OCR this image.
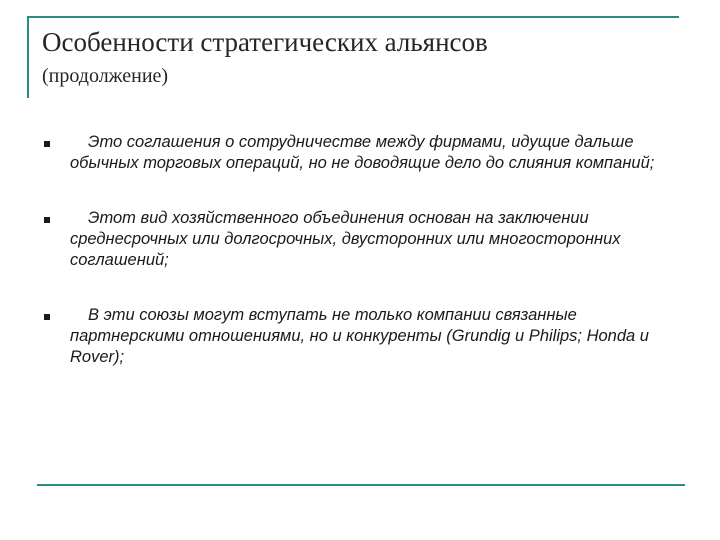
Особенности стратегических альянсов
(продолжение)
Это соглашения о сотрудничестве между фирмами, идущие дальше обычных торговых операций, но не доводящие дело до слияния компаний;
Этот вид хозяйственного объединения основан на заключении среднесрочных или долгосрочных, двусторонних или многосторонних соглашений;
В эти союзы могут вступать не только компании связанные партнерскими отношениями, но и конкуренты (Grundig и Philips; Honda и Rover);
